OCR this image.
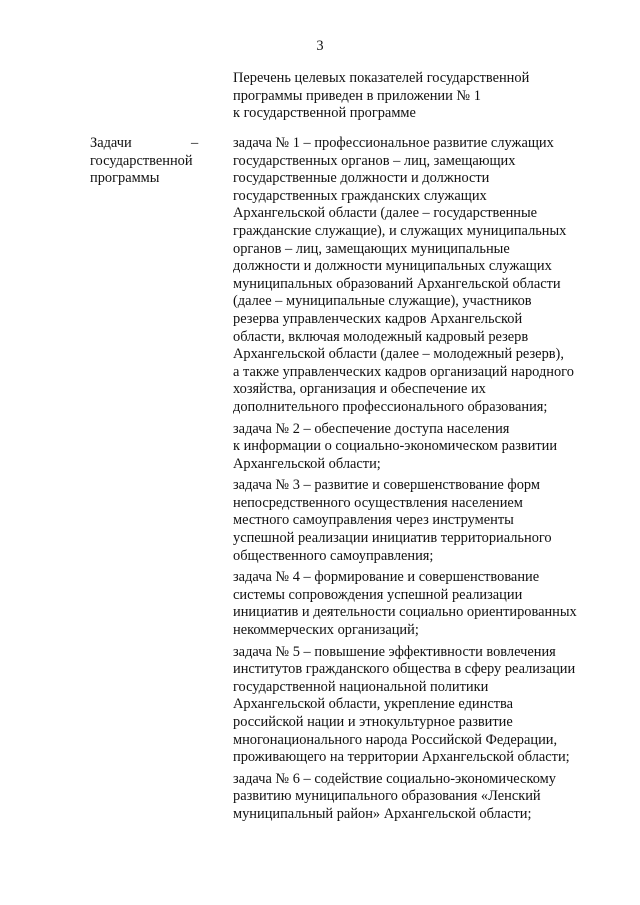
3
Перечень целевых показателей государственной
программы приведен в приложении № 1
к государственной программе
Задачи
государственной
программы
– задача № 1 – профессиональное развитие служащих
государственных органов – лиц, замещающих
государственные должности и должности
государственных гражданских служащих
Архангельской области (далее – государственные
гражданские служащие), и служащих муниципальных
органов – лиц, замещающих муниципальные
должности и должности муниципальных служащих
муниципальных образований Архангельской области
(далее – муниципальные служащие), участников
резерва управленческих кадров Архангельской
области, включая молодежный кадровый резерв
Архангельской области (далее – молодежный резерв),
а также управленческих кадров организаций народного
хозяйства, организация и обеспечение их
дополнительного профессионального образования;
задача № 2 – обеспечение доступа населения
к информации о социально-экономическом развитии
Архангельской области;
задача № 3 – развитие и совершенствование форм
непосредственного осуществления населением
местного самоуправления через инструменты
успешной реализации инициатив территориального
общественного самоуправления;
задача № 4 – формирование и совершенствование
системы сопровождения успешной реализации
инициатив и деятельности социально ориентированных
некоммерческих организаций;
задача № 5 – повышение эффективности вовлечения
институтов гражданского общества в сферу реализации
государственной национальной политики
Архангельской области, укрепление единства
российской нации и этнокультурное развитие
многонационального народа Российской Федерации,
проживающего на территории Архангельской области;
задача № 6 – содействие социально-экономическому
развитию муниципального образования «Ленский
муниципальный район» Архангельской области;
